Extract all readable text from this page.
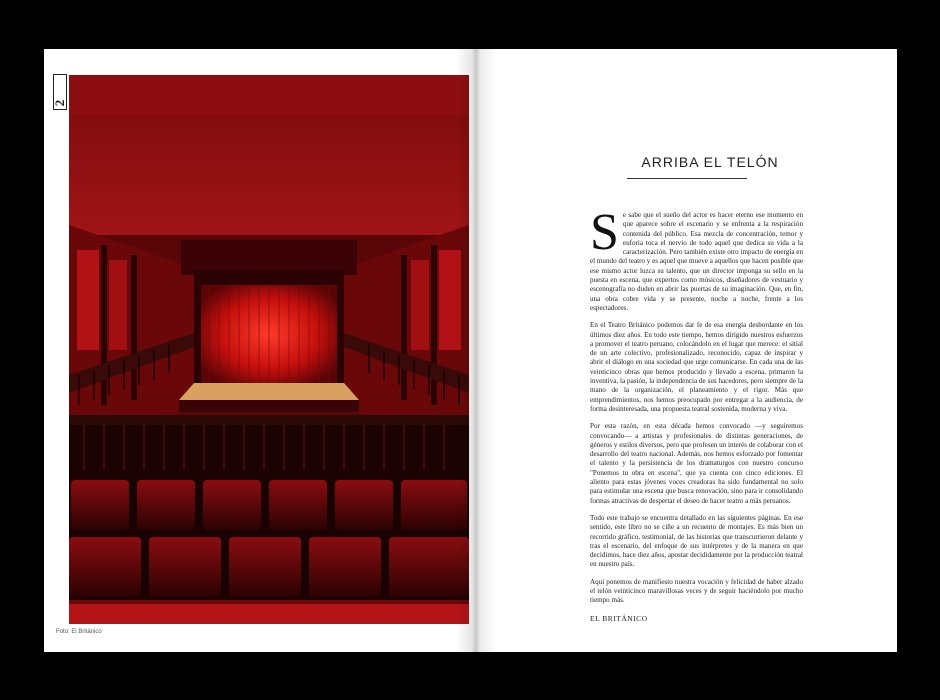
2
Foto: El Británico
ARRIBA EL TELÓN

Se sabe que el sueño del actor es hacer eterno ese momento en que aparece sobre el escenario y se enfrenta a la respiración contenida del público. Esa mezcla de concentración, temor y euforia toca el nervio de todo aquel que dedica su vida a la caracterización. Pero también existe otro impacto de energía en el mundo del teatro y es aquel que mueve a aquellos que hacen posible que ese mismo actor luzca su talento, que un director imponga su sello en la puesta en escena, que expertos como músicos, diseñadores de vestuario y escenografía no duden en abrir las puertas de su imaginación. Que, en fin, una obra cobre vida y se presente, noche a noche, frente a los espectadores.

En el Teatro Británico podemos dar fe de esa energía desbordante en los últimos diez años. En todo este tiempo, hemos dirigido nuestros esfuerzos a promover el teatro peruano, colocándolo en el lugar que merece: el sitial de un arte colectivo, profesionalizado, reconocido, capaz de inspirar y abrir el diálogo en una sociedad que urge comunicarse. En cada una de las veinticinco obras que hemos producido y llevado a escena, primaron la inventiva, la pasión, la independencia de sus hacedores, pero siempre de la mano de la organización, el planeamiento y el rigor. Más que emprendimientos, nos hemos preocupado por entregar a la audiencia, de forma desinteresada, una propuesta teatral sostenida, moderna y viva.

Por esta razón, en esta década hemos convocado —y seguiremos convocando— a artistas y profesionales de distintas generaciones, de géneros y estilos diversos, pero que profesen un interés de colaborar con el desarrollo del teatro nacional. Además, nos hemos esforzado por fomentar el talento y la persistencia de los dramaturgos con nuestro concurso "Ponemos tu obra en escena", que ya cuenta con cinco ediciones. El aliento para estas jóvenes voces creadoras ha sido fundamental no solo para estimular una escena que busca renovación, sino para ir consolidando formas atractivas de despertar el deseo de hacer teatro a más peruanos.

Todo este trabajo se encuentra detallado en las siguientes páginas. En ese sentido, este libro no se ciñe a un recuento de montajes. Es más bien un recorrido gráfico, testimonial, de las historias que transcurrieron delante y tras el escenario, del enfoque de sus intérpretes y de la manera en que decidimos, hace diez años, apostar decididamente por la producción teatral en nuestro país.

Aquí ponemos de manifiesto nuestra vocación y felicidad de haber alzado el telón veinticinco maravillosas veces y de seguir haciéndolo por mucho tiempo más.

EL BRITÁNICO
